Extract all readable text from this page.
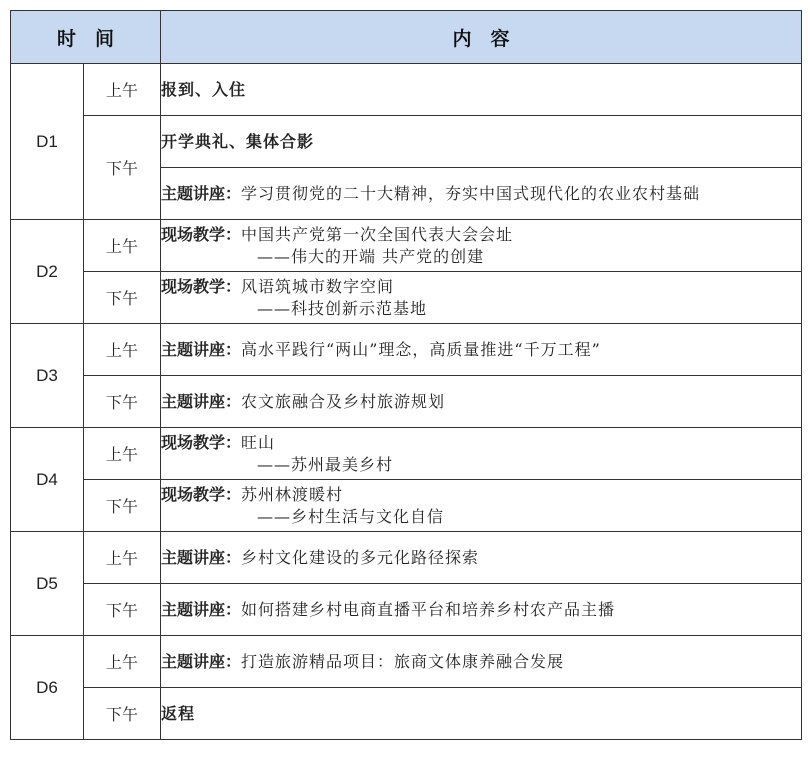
时　间		内　容
D1	上午	报到、入住
	下午	开学典礼、集体合影
		主题讲座：学习贯彻党的二十大精神，夯实中国式现代化的农业农村基础
D2	上午	现场教学：中国共产党第一次全国代表大会会址
——伟大的开端 共产党的创建

	下午	现场教学：风语筑城市数字空间
——科技创新示范基地

D3	上午	主题讲座：高水平践行“两山”理念，高质量推进“千万工程”
	下午	主题讲座：农文旅融合及乡村旅游规划
D4	上午	现场教学：旺山
——苏州最美乡村

	下午	现场教学：苏州林渡暖村
——乡村生活与文化自信

D5	上午	主题讲座：乡村文化建设的多元化路径探索
	下午	主题讲座：如何搭建乡村电商直播平台和培养乡村农产品主播
D6	上午	主题讲座：打造旅游精品项目：旅商文体康养融合发展
	下午	返程
